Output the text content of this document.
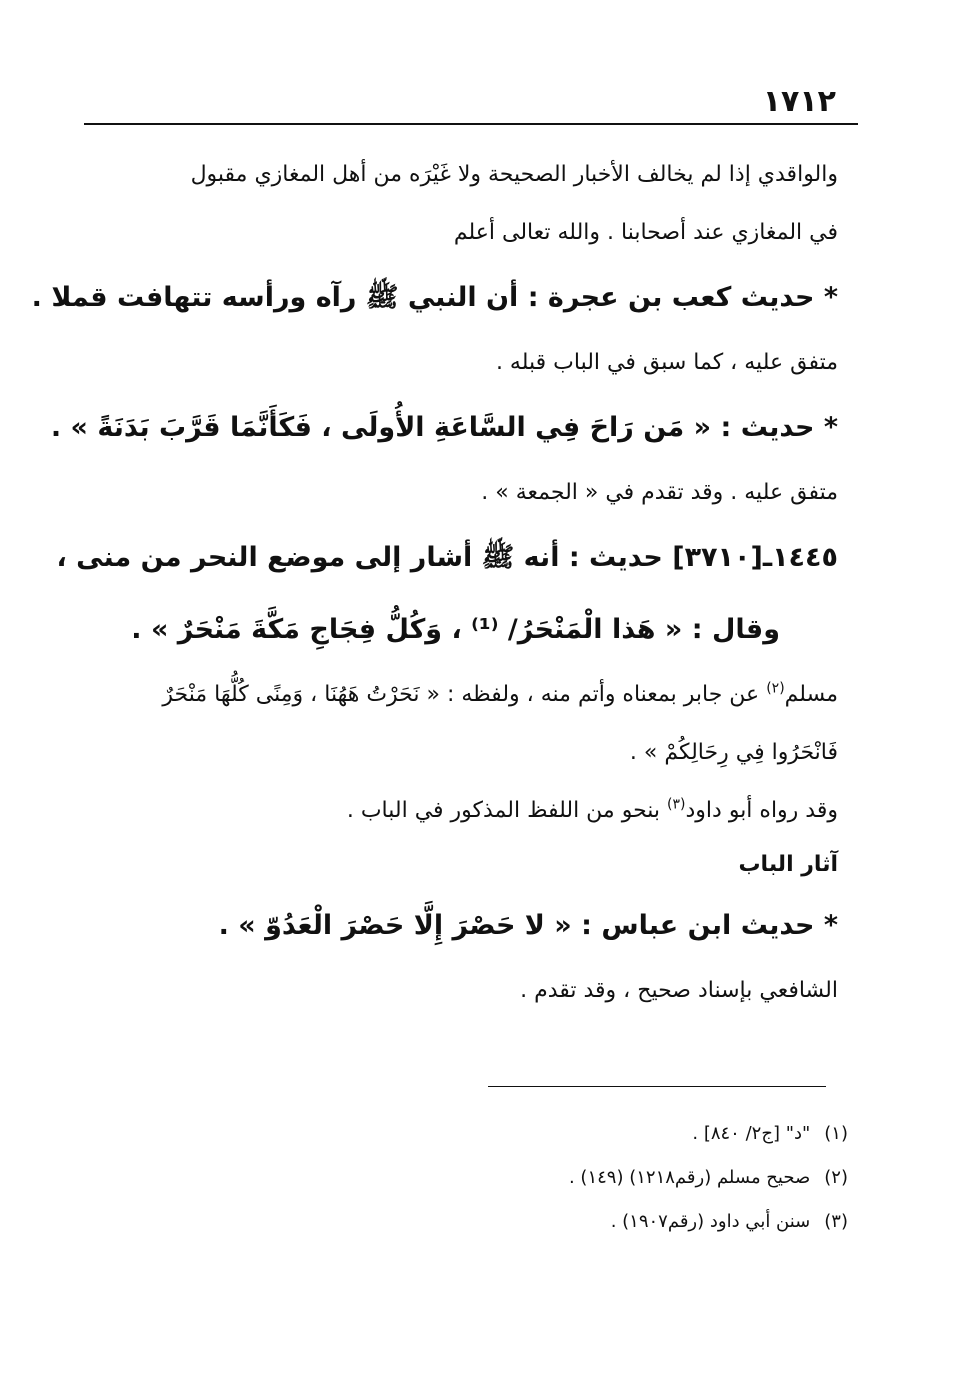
١٧١٢

والواقدي إذا لم يخالف الأخبار الصحيحة ولا غَيْرَه من أهل المغازي مقبول

في المغازي عند أصحابنا . والله تعالى أعلم

* حديث كعب بن عجرة : أن النبي ﷺ رآه ورأسه تتهافت قملا .

متفق عليه ، كما سبق في الباب قبله .

* حديث : « مَن رَاحَ فِي السَّاعَةِ الأُولَى ، فَكَأَنَّمَا قَرَّبَ بَدَنَةً » .

متفق عليه . وقد تقدم في « الجمعة » .

١٤٤٥ـ[٣٧١٠] حديث : أنه ﷺ أشار إلى موضع النحر من منى ،

وقال : « هَذا الْمَنْحَرُ/ ⁽¹⁾ ، وَكُلُّ فِجَاجِ مَكَّةَ مَنْحَرٌ » .

مسلم$^{(٢)}$ عن جابر بمعناه وأتم منه ، ولفظه : « نَحَرْتُ هَهُنَا ، وَمِنًى كُلُّهَا مَنْحَرٌ

فَانْحَرُوا فِي رِحَالِكُمْ » .

وقد رواه أبو داود$^{(٣)}$ بنحو من اللفظ المذكور في الباب .

آثار الباب

* حديث ابن عباس : « لا حَصْرَ إِلَّا حَصْرَ الْعَدُوّ » .

الشافعي بإسناد صحيح ، وقد تقدم .

(١)"د" [ج٢/ ٨٤٠] .

(٢)صحيح مسلم (رقم١٢١٨) (١٤٩) .

(٣)سنن أبي داود (رقم١٩٠٧) .
